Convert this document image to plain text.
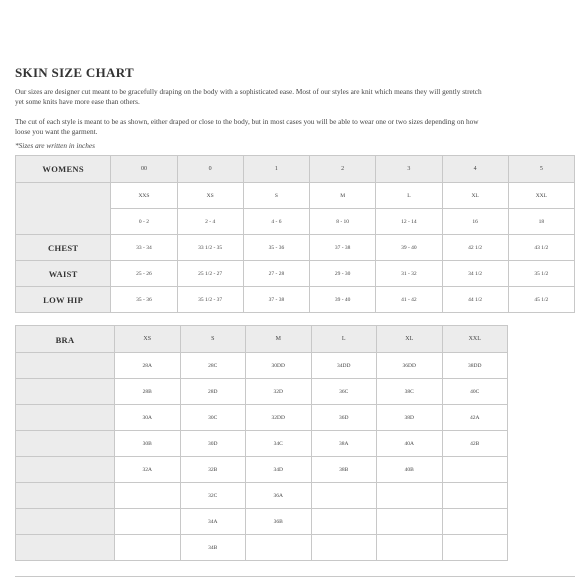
SKIN SIZE CHART

Our sizes are designer cut meant to be gracefully draping on the body with a sophisticated ease. Most of our styles are knit which means they will gently stretch yet some knits have more ease than others.

The cut of each style is meant to be as shown, either draped or close to the body, but in most cases you will be able to wear one or two sizes depending on how loose you want the garment.

*Sizes are written in inches

WOMENS	00	0	1	2	3	4	5
	XXS	XS	S	M	L	XL	XXL
	0 - 2	2 - 4	4 - 6	8 - 10	12 - 14	16	18
CHEST	33 - 34	33 1/2 - 35	35 - 36	37 - 38	39 - 40	42 1/2	43 1/2
WAIST	25 - 26	25 1/2 - 27	27 - 28	29 - 30	31 - 32	34 1/2	35 1/2
LOW HIP	35 - 36	35 1/2 - 37	37 - 38	39 - 40	41 - 42	44 1/2	45 1/2
BRA	XS	S	M	L	XL	XXL
	28A	28C	30DD	34DD	36DD	38DD
	28B	28D	32D	36C	38C	40C
	30A	30C	32DD	36D	38D	42A
	30B	30D	34C	38A	40A	42B
	32A	32B	34D	38B	40B	
		32C	36A			
		34A	36B			
		34B				
